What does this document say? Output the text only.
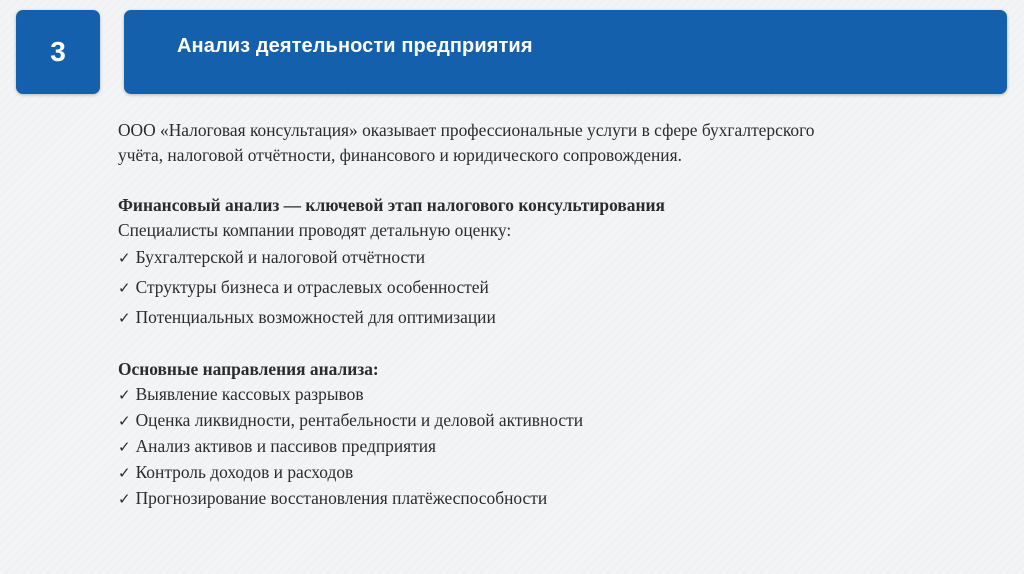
3	Анализ деятельности предприятия

ООО «Налоговая консультация» оказывает профессиональные услуги в сфере бухгалтерского

учёта, налоговой отчётности, финансового и юридического сопровождения.

Финансовый анализ — ключевой этап налогового консультирования

Специалисты компании проводят детальную оценку:

✓ Бухгалтерской и налоговой отчётности
✓ Структуры бизнеса и отраслевых особенностей
✓ Потенциальных возможностей для оптимизации

Основные направления анализа:

✓ Выявление кассовых разрывов
✓ Оценка ликвидности, рентабельности и деловой активности
✓ Анализ активов и пассивов предприятия
✓ Контроль доходов и расходов
✓ Прогнозирование восстановления платёжеспособности
